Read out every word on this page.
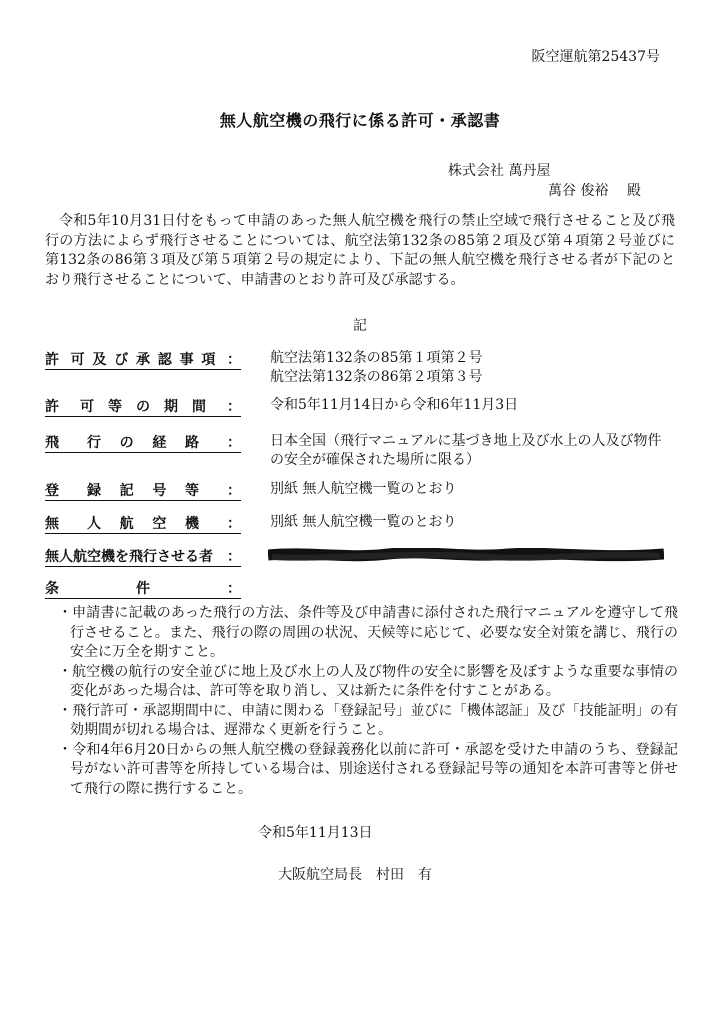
阪空運航第25437号
無人航空機の飛行に係る許可・承認書
株式会社 萬丹屋
萬谷 俊裕　 殿
令和5年10月31日付をもって申請のあった無人航空機を飛行の禁止空域で飛行させること及び飛行の方法によらず飛行させることについては、航空法第132条の85第２項及び第４項第２号並びに第132条の86第３項及び第５項第２号の規定により、下記の無人航空機を飛行させる者が下記のとおり飛行させることについて、申請書のとおり許可及び承認する。
記
許 可 及 び 承 認 事 項 ： 航空法第132条の85第１項第２号
航空法第132条の86第２項第３号
許	可	等	の	期	間	： 令和5年11月14日から令和6年11月3日
飛	行	の	経	路	： 日本全国（飛行マニュアルに基づき地上及び水上の人及び物件の安全が確保された場所に限る）
登	録	記	号	等	： 別紙 無人航空機一覧のとおり
無	人	航	空	機	： 別紙 無人航空機一覧のとおり
無人航空機を飛行させる者 ：
条	件	：
・申請書に記載のあった飛行の方法、条件等及び申請書に添付された飛行マニュアルを遵守して飛行させること。また、飛行の際の周囲の状況、天候等に応じて、必要な安全対策を講じ、飛行の安全に万全を期すこと。
・航空機の航行の安全並びに地上及び水上の人及び物件の安全に影響を及ぼすような重要な事情の変化があった場合は、許可等を取り消し、又は新たに条件を付すことがある。
・飛行許可・承認期間中に、申請に関わる「登録記号」並びに「機体認証」及び「技能証明」の有効期間が切れる場合は、遅滞なく更新を行うこと。
・令和4年6月20日からの無人航空機の登録義務化以前に許可・承認を受けた申請のうち、登録記号がない許可書等を所持している場合は、別途送付される登録記号等の通知を本許可書等と併せて飛行の際に携行すること。
令和5年11月13日
大阪航空局長　村田　有
